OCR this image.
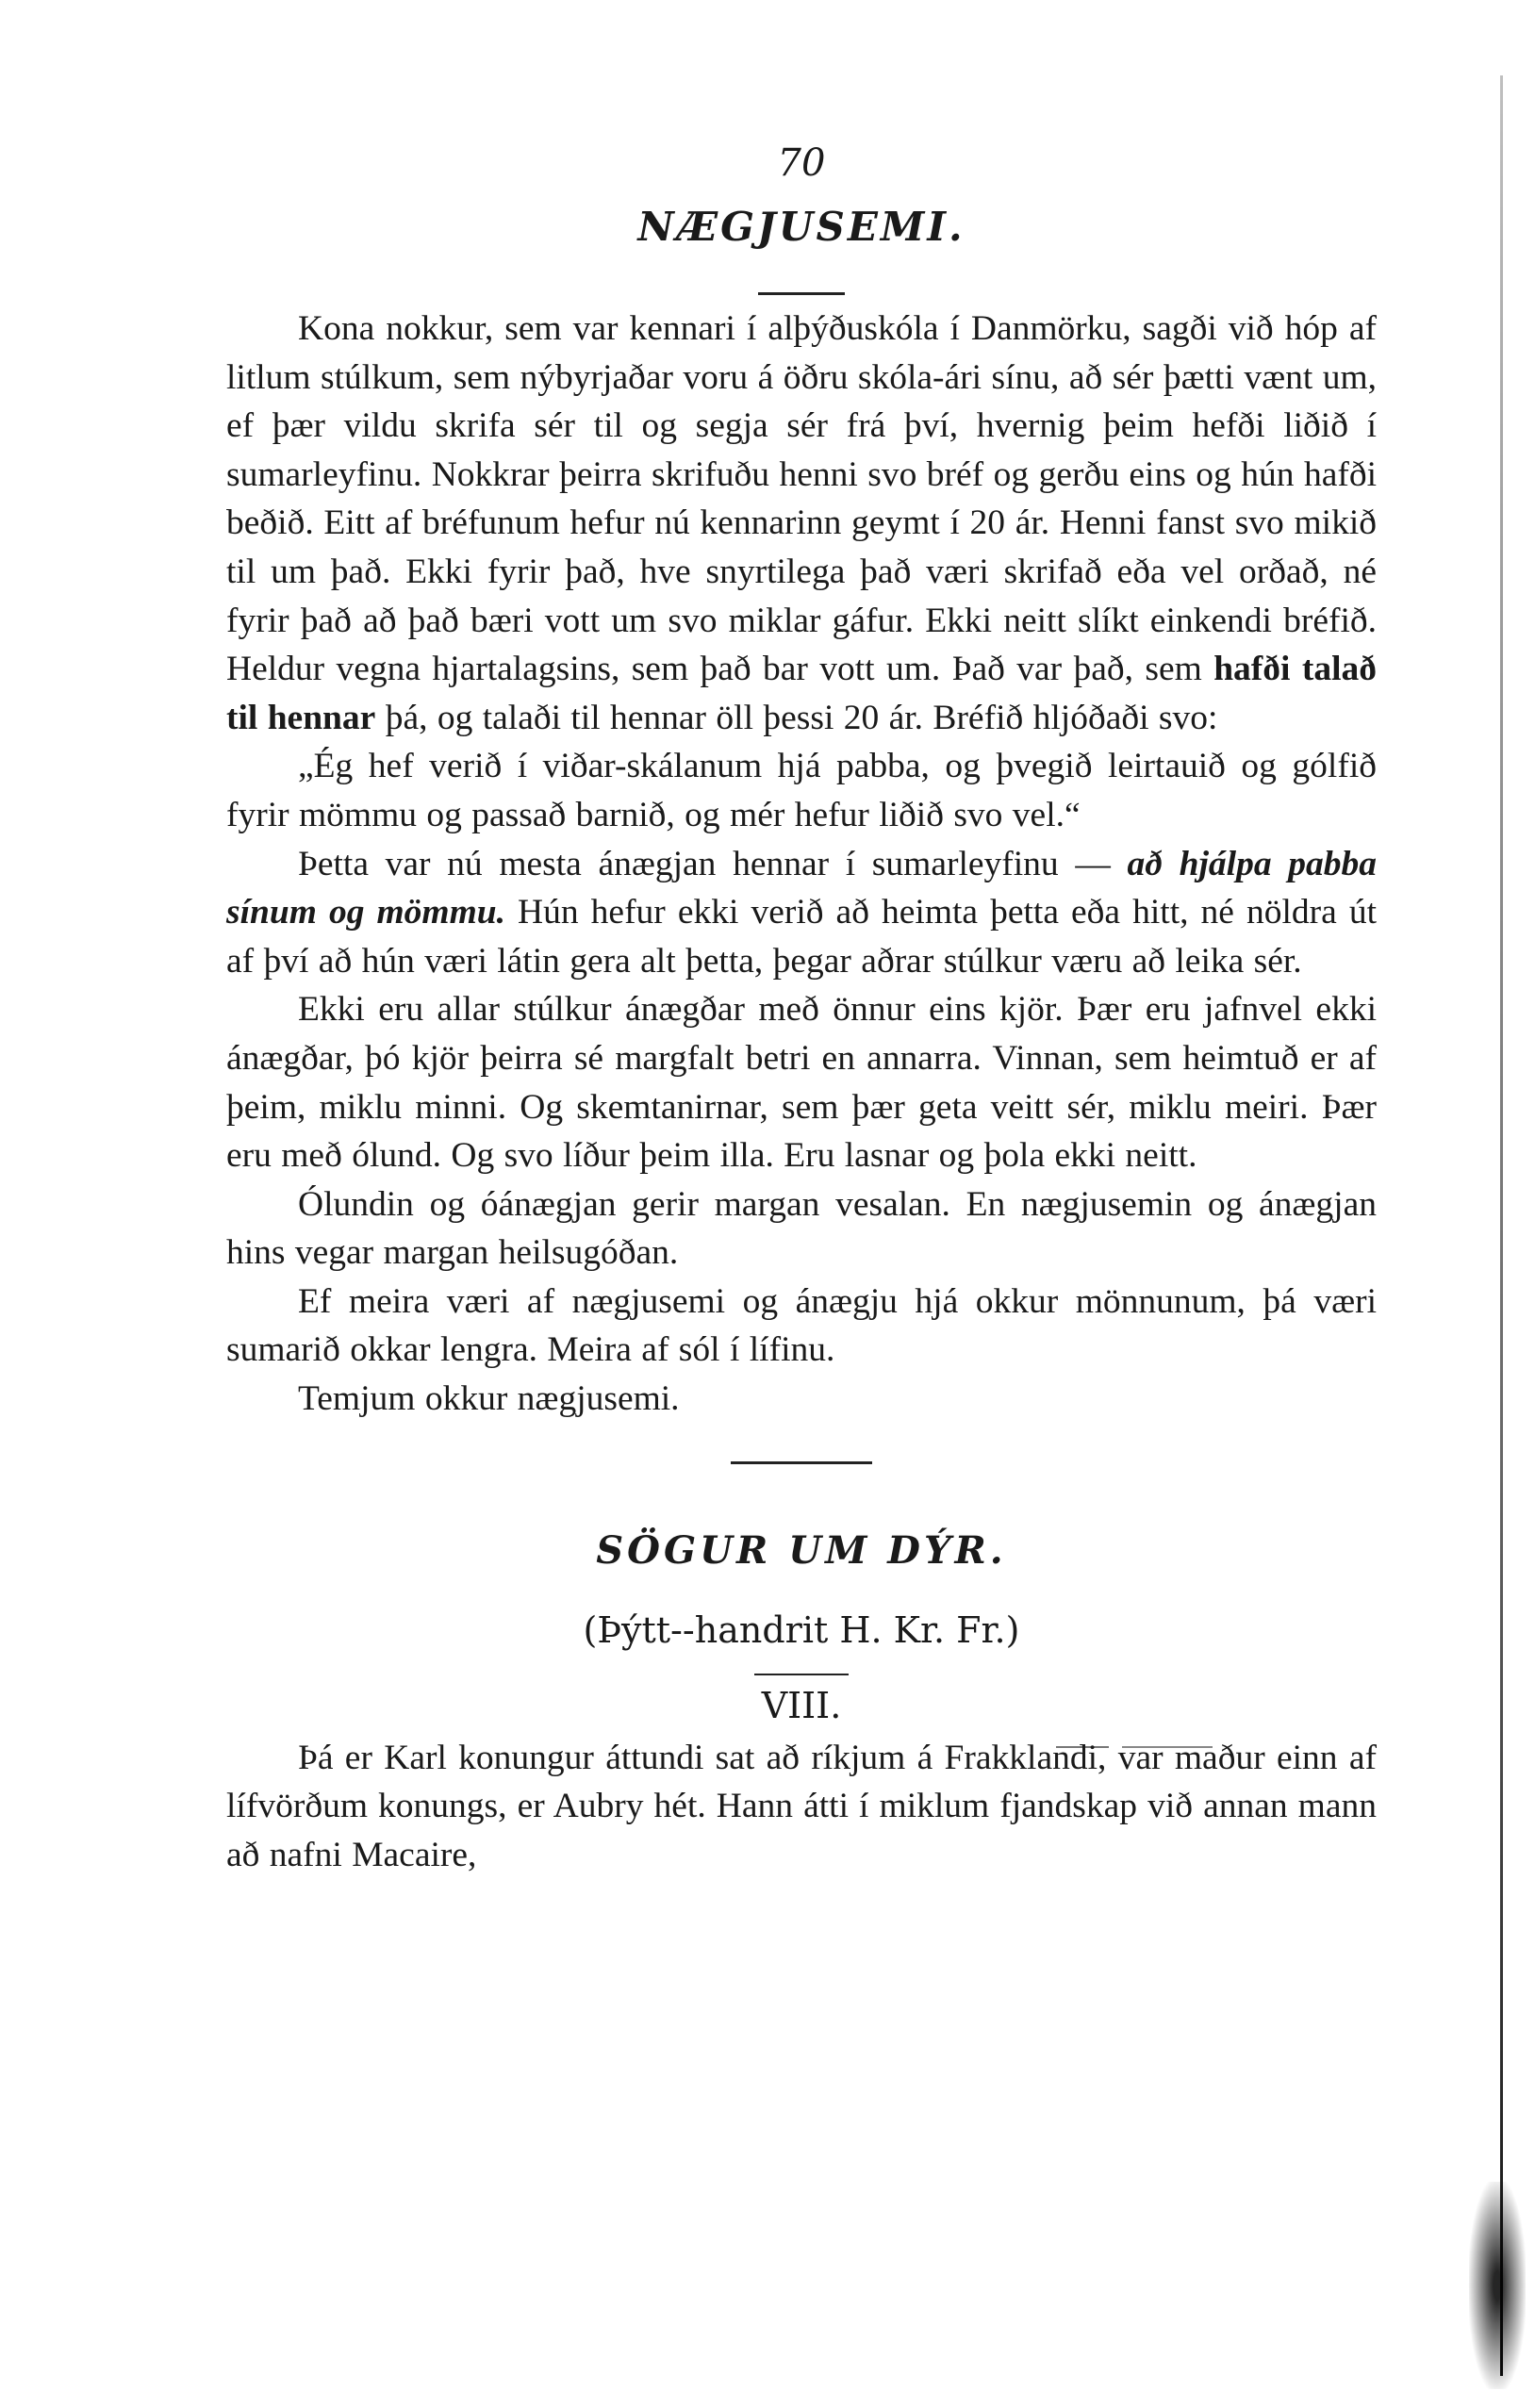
70
NÆGJUSEMI.

Kona nokkur, sem var kennari í alþýðuskóla í Danmörku, sagði við hóp af litlum stúlkum, sem nýbyrjaðar voru á öðru skóla-ári sínu, að sér þætti vænt um, ef þær vildu skrifa sér til og segja sér frá því, hvernig þeim hefði liðið í sumarleyfinu. Nokkrar þeirra skrifuðu henni svo bréf og gerðu eins og hún hafði beðið. Eitt af bréfunum hefur nú kennarinn geymt í 20 ár. Henni fanst svo mikið til um það. Ekki fyrir það, hve snyrtilega það væri skrifað eða vel orðað, né fyrir það að það bæri vott um svo miklar gáfur. Ekki neitt slíkt einkendi bréfið. Heldur vegna hjartalagsins, sem það bar vott um. Það var það, sem hafði talað til hennar þá, og talaði til hennar öll þessi 20 ár. Bréfið hljóðaði svo:

„Ég hef verið í viðar-skálanum hjá pabba, og þvegið leirtauið og gólfið fyrir mömmu og passað barnið, og mér hefur liðið svo vel.“

Þetta var nú mesta ánægjan hennar í sumarleyfinu — að hjálpa pabba sínum og mömmu. Hún hefur ekki verið að heimta þetta eða hitt, né nöldra út af því að hún væri látin gera alt þetta, þegar aðrar stúlkur væru að leika sér.

Ekki eru allar stúlkur ánægðar með önnur eins kjör. Þær eru jafnvel ekki ánægðar, þó kjör þeirra sé margfalt betri en annarra. Vinnan, sem heimtuð er af þeim, miklu minni. Og skemtanirnar, sem þær geta veitt sér, miklu meiri. Þær eru með ólund. Og svo líður þeim illa. Eru lasnar og þola ekki neitt.

Ólundin og óánægjan gerir margan vesalan. En nægjusemin og ánægjan hins vegar margan heilsugóðan.

Ef meira væri af nægjusemi og ánægju hjá okkur mönnunum, þá væri sumarið okkar lengra. Meira af sól í lífinu.

Temjum okkur nægjusemi.

SÖGUR UM DÝR.
(Þýtt--handrit H. Kr. Fr.)
VIII.

Þá er Karl konungur áttundi sat að ríkjum á Frakklandi, var maður einn af lífvörðum konungs, er Aubry hét. Hann átti í miklum fjandskap við annan mann að nafni Macaire,
